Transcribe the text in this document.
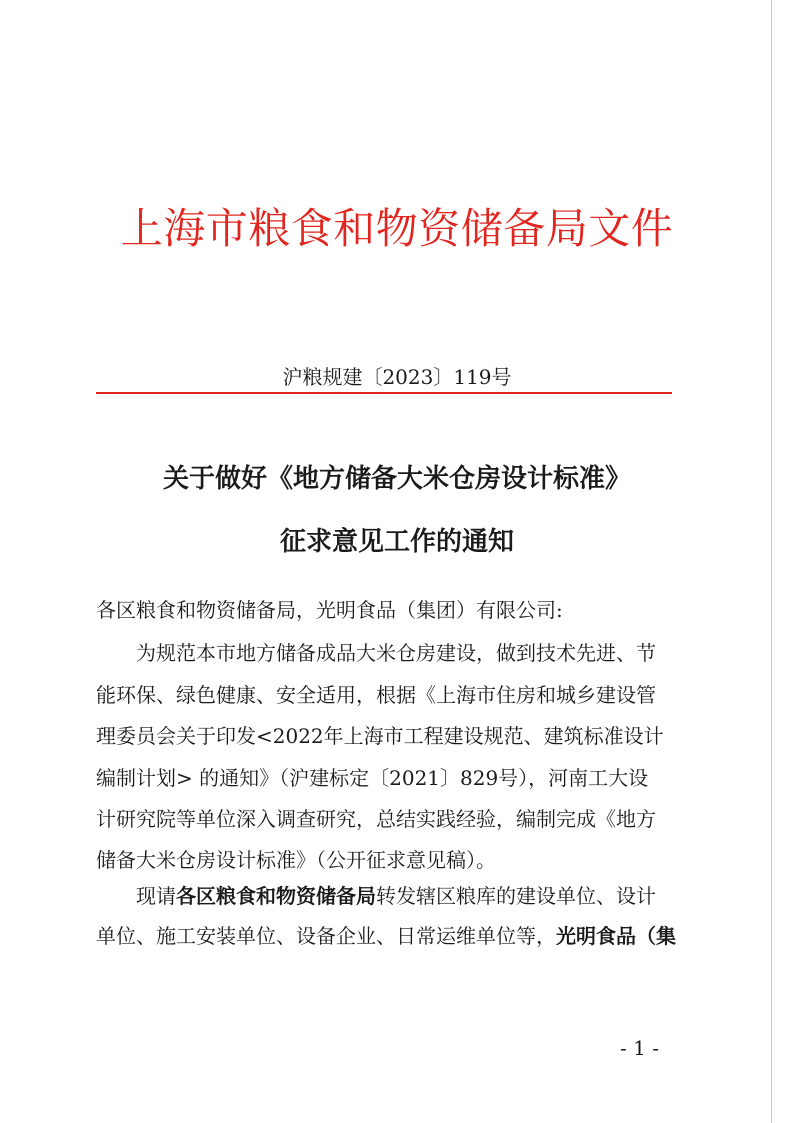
上海市粮食和物资储备局文件
沪粮规建〔2023〕119号
关于做好《地方储备大米仓房设计标准》
征求意见工作的通知
各区粮食和物资储备局，光明食品（集团）有限公司:
为规范本市地方储备成品大米仓房建设，做到技术先进、节
能环保、绿色健康、安全适用，根据《上海市住房和城乡建设管
理委员会关于印发<2022年上海市工程建设规范、建筑标准设计
编制计划> 的通知》（沪建标定〔2021〕829号），河南工大设
计研究院等单位深入调查研究，总结实践经验，编制完成《地方
储备大米仓房设计标准》（公开征求意见稿）。
现请各区粮食和物资储备局转发辖区粮库的建设单位、设计
单位、施工安装单位、设备企业、日常运维单位等，光明食品（集
- 1 -
